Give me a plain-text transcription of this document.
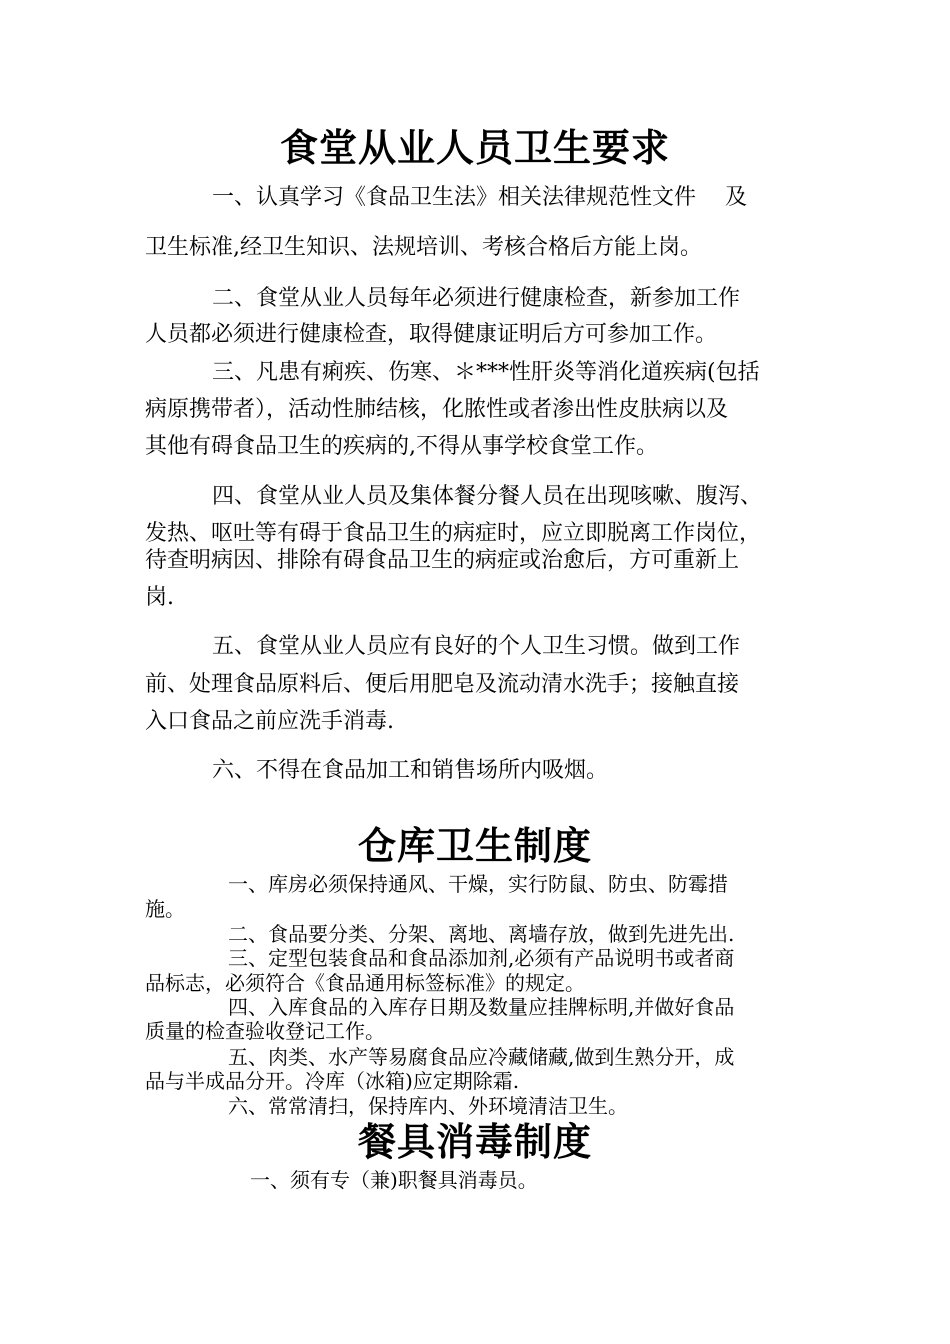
食堂从业人员卫生要求
一、认真学习《食品卫生法》相关法律规范性文件　 及
卫生标准,经卫生知识、法规培训、考核合格后方能上岗。
二、食堂从业人员每年必须进行健康检查，新参加工作
人员都必须进行健康检查，取得健康证明后方可参加工作。
三、凡患有痢疾、伤寒、＊***性肝炎等消化道疾病(包括
病原携带者），活动性肺结核，化脓性或者渗出性皮肤病以及
其他有碍食品卫生的疾病的,不得从事学校食堂工作。
四、食堂从业人员及集体餐分餐人员在出现咳嗽、腹泻、
发热、呕吐等有碍于食品卫生的病症时，应立即脱离工作岗位，
待查明病因、排除有碍食品卫生的病症或治愈后，方可重新上
岗.
五、食堂从业人员应有良好的个人卫生习惯。做到工作
前、处理食品原料后、便后用肥皂及流动清水洗手；接触直接
入口食品之前应洗手消毒.
六、不得在食品加工和销售场所内吸烟。
仓库卫生制度
一、库房必须保持通风、干燥，实行防鼠、防虫、防霉措
施。
二、食品要分类、分架、离地、离墙存放，做到先进先出.
三、定型包装食品和食品添加剂,必须有产品说明书或者商
品标志，必须符合《食品通用标签标准》的规定。
四、入库食品的入库存日期及数量应挂牌标明,并做好食品
质量的检查验收登记工作。
五、肉类、水产等易腐食品应冷藏储藏,做到生熟分开，成
品与半成品分开。冷库（冰箱)应定期除霜.
六、常常清扫，保持库内、外环境清洁卫生。
餐具消毒制度
一、须有专（兼)职餐具消毒员。
